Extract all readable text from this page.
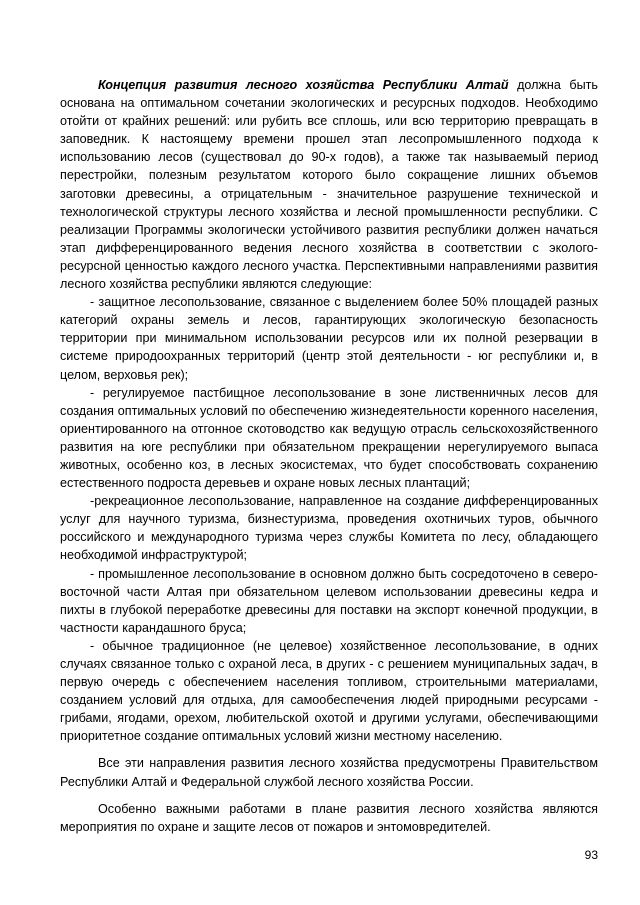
Концепция развития лесного хозяйства Республики Алтай должна быть основана на оптимальном сочетании экологических и ресурсных подходов. Необходимо отойти от крайних решений: или рубить все сплошь, или всю территорию превращать в заповедник. К настоящему времени прошел этап лесопромышленного подхода к использованию лесов (существовал до 90-х годов), а также так называемый период перестройки, полезным результатом которого было сокращение лишних объемов заготовки древесины, а отрицательным - значительное разрушение технической и технологической структуры лесного хозяйства и лесной промышленности республики. С реализации Программы экологически устойчивого развития республики должен начаться этап дифференцированного ведения лесного хозяйства в соответствии с эколого-ресурсной ценностью каждого лесного участка. Перспективными направлениями развития лесного хозяйства республики являются следующие:

- защитное лесопользование, связанное с выделением более 50% площадей разных категорий охраны земель и лесов, гарантирующих экологическую безопасность территории при минимальном использовании ресурсов или их полной резервации в системе природоохранных территорий (центр этой деятельности - юг республики и, в целом, верховья рек);

- регулируемое пастбищное лесопользование в зоне лиственничных лесов для создания оптимальных условий по обеспечению жизнедеятельности коренного населения, ориентированного на отгонное скотоводство как ведущую отрасль сельскохозяйственного развития на юге республики при обязательном прекращении нерегулируемого выпаса животных, особенно коз, в лесных экосистемах, что будет способствовать сохранению естественного подроста деревьев и охране новых лесных плантаций;

-рекреационное лесопользование, направленное на создание дифференцированных услуг для научного туризма, бизнестуризма, проведения охотничьих туров, обычного российского и международного туризма через службы Комитета по лесу, обладающего необходимой инфраструктурой;

- промышленное лесопользование в основном должно быть сосредоточено в северо-восточной части Алтая при обязательном целевом использовании древесины кедра и пихты в глубокой переработке древесины для поставки на экспорт конечной продукции, в частности карандашного бруса;

- обычное традиционное (не целевое) хозяйственное лесопользование, в одних случаях связанное только с охраной леса, в других - с решением муниципальных задач, в первую очередь с обеспечением населения топливом, строительными материалами, созданием условий для отдыха, для самообеспечения людей природными ресурсами - грибами, ягодами, орехом, любительской охотой и другими услугами, обеспечивающими приоритетное создание оптимальных условий жизни местному населению.

Все эти направления развития лесного хозяйства предусмотрены Правительством Республики Алтай и Федеральной службой лесного хозяйства России.

Особенно важными работами в плане развития лесного хозяйства являются мероприятия по охране и защите лесов от пожаров и энтомовредителей.

93
